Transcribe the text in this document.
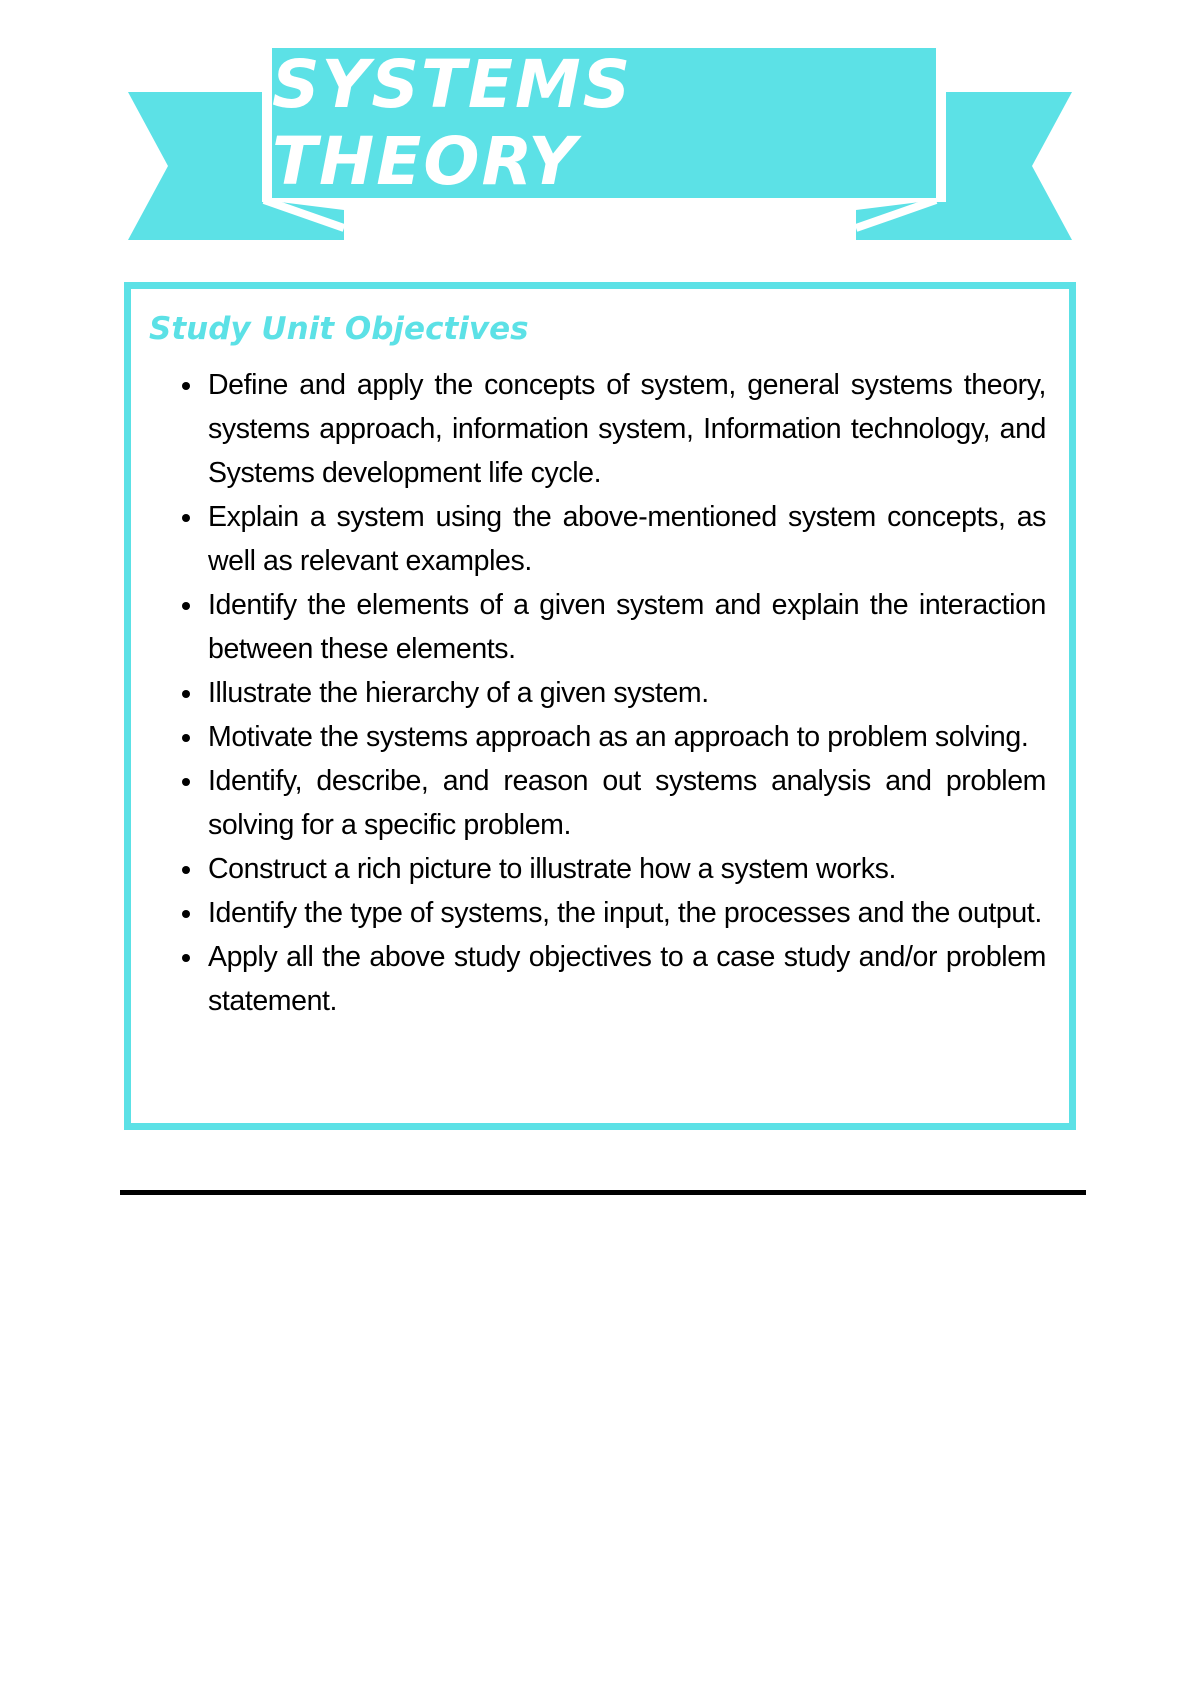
SYSTEMS THEORY
Study Unit Objectives
Define and apply the concepts of system, general systems theory, systems approach, information system, Information technology, and Systems development life cycle.
Explain a system using the above-mentioned system concepts, as well as relevant examples.
Identify the elements of a given system and explain the interaction between these elements.
Illustrate the hierarchy of a given system.
Motivate the systems approach as an approach to problem solving.
Identify, describe, and reason out systems analysis and problem solving for a specific problem.
Construct a rich picture to illustrate how a system works.
Identify the type of systems, the input, the processes and the output.
Apply all the above study objectives to a case study and/or problem statement.
